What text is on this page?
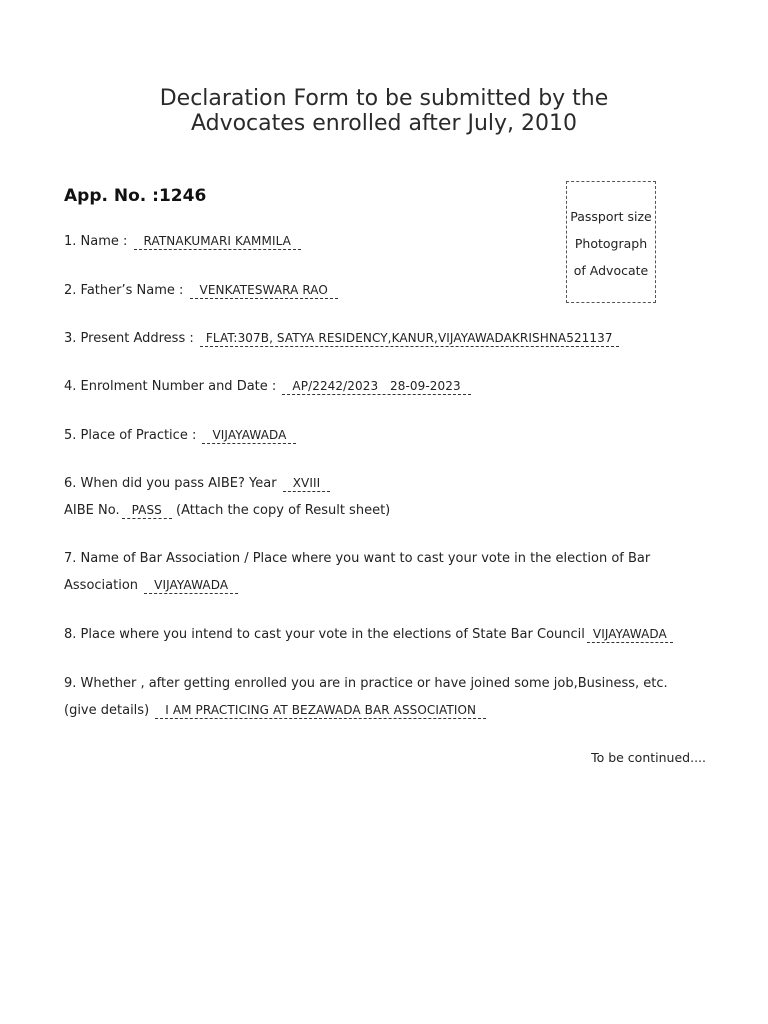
Declaration Form to be submitted by the
Advocates enrolled after July, 2010
App. No. :1246
Passport size
Photograph
of Advocate
1. Name : RATNAKUMARI KAMMILA
2. Father’s Name : VENKATESWARA RAO
3. Present Address : FLAT:307B, SATYA RESIDENCY,KANUR,VIJAYAWADAKRISHNA521137
4. Enrolment Number and Date : AP/2242/2023 28-09-2023
5. Place of Practice : VIJAYAWADA
6. When did you pass AIBE? Year XVIII
AIBE No. PASS (Attach the copy of Result sheet)
7. Name of Bar Association / Place where you want to cast your vote in the election of Bar
Association VIJAYAWADA
8. Place where you intend to cast your vote in the elections of State Bar Council VIJAYAWADA
9. Whether , after getting enrolled you are in practice or have joined some job,Business, etc.
(give details) I AM PRACTICING AT BEZAWADA BAR ASSOCIATION
To be continued....
